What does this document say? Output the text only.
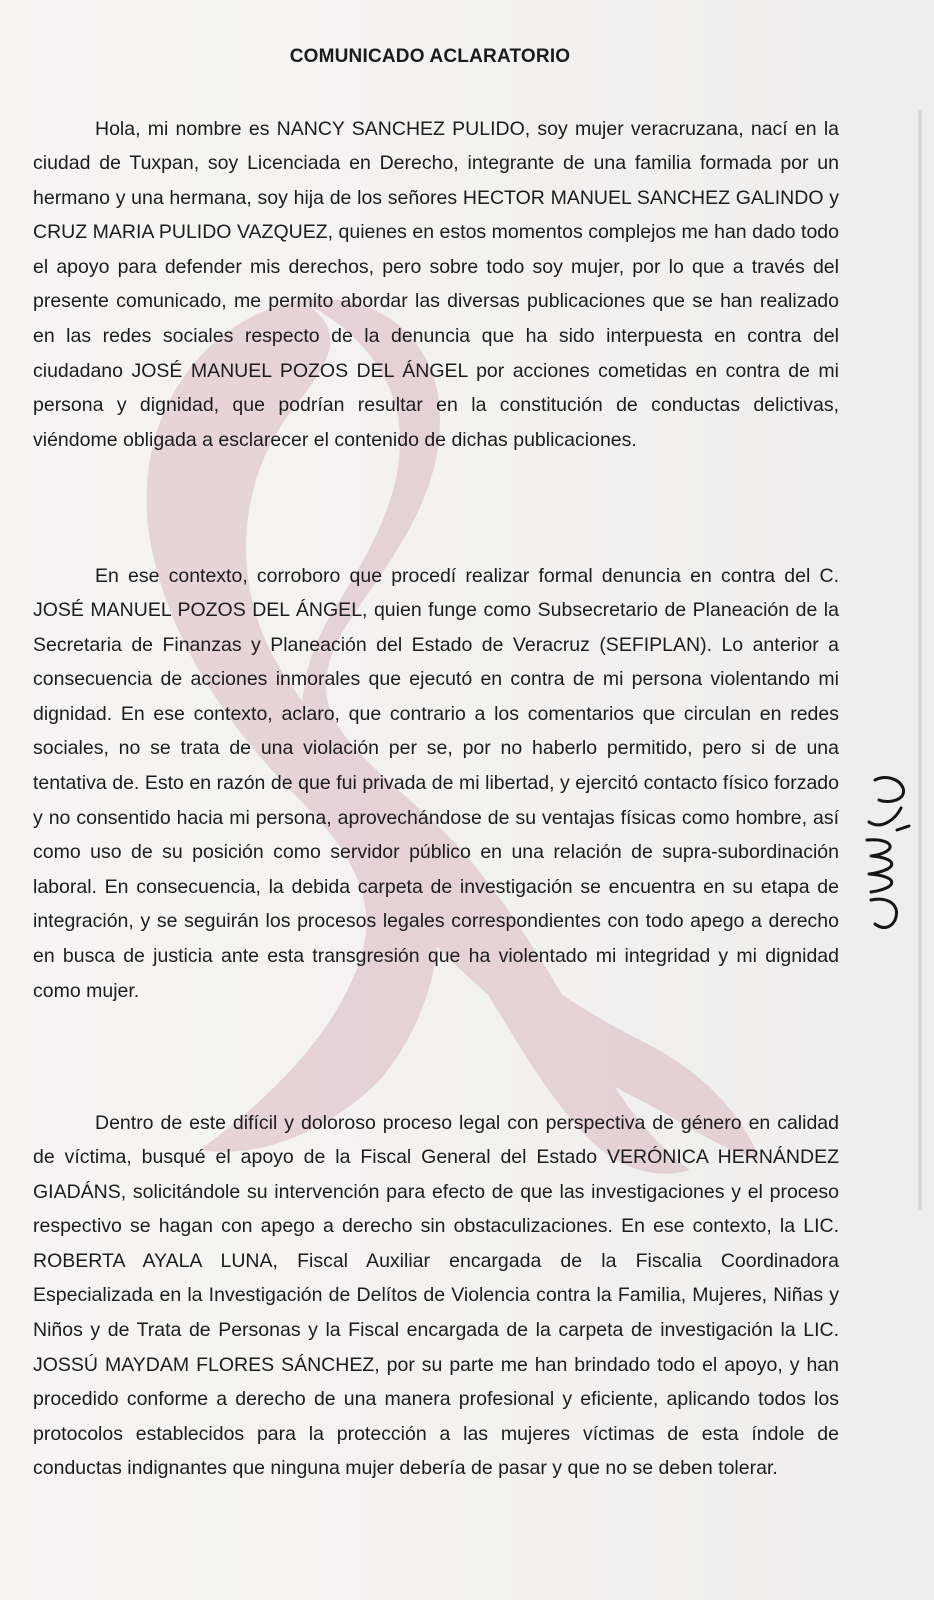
COMUNICADO ACLARATORIO

Hola, mi nombre es NANCY SANCHEZ PULIDO, soy mujer veracruzana, nací en la ciudad de Tuxpan, soy Licenciada en Derecho, integrante de una familia formada por un hermano y una hermana, soy hija de los señores HECTOR MANUEL SANCHEZ GALINDO y CRUZ MARIA PULIDO VAZQUEZ, quienes en estos momentos complejos me han dado todo el apoyo para defender mis derechos, pero sobre todo soy mujer, por lo que a través del presente comunicado, me permito abordar las diversas publicaciones que se han realizado en las redes sociales respecto de la denuncia que ha sido interpuesta en contra del ciudadano JOSÉ MANUEL POZOS DEL ÁNGEL por acciones cometidas en contra de mi persona y dignidad, que podrían resultar en la constitución de conductas delictivas, viéndome obligada a esclarecer el contenido de dichas publicaciones.

En ese contexto, corroboro que procedí realizar formal denuncia en contra del C. JOSÉ MANUEL POZOS DEL ÁNGEL, quien funge como Subsecretario de Planeación de la Secretaria de Finanzas y Planeación del Estado de Veracruz (SEFIPLAN). Lo anterior a consecuencia de acciones inmorales que ejecutó en contra de mi persona violentando mi dignidad. En ese contexto, aclaro, que contrario a los comentarios que circulan en redes sociales, no se trata de una violación per se, por no haberlo permitido, pero si de una tentativa de. Esto en razón de que fui privada de mi libertad, y ejercitó contacto físico forzado y no consentido hacia mi persona, aprovechándose de su ventajas físicas como hombre, así como uso de su posición como servidor público en una relación de supra-subordinación laboral. En consecuencia, la debida carpeta de investigación se encuentra en su etapa de integración, y se seguirán los procesos legales correspondientes con todo apego a derecho en busca de justicia ante esta transgresión que ha violentado mi integridad y mi dignidad como mujer.

Dentro de este difícil y doloroso proceso legal con perspectiva de género en calidad de víctima, busqué el apoyo de la Fiscal General del Estado VERÓNICA HERNÁNDEZ GIADÁNS, solicitándole su intervención para efecto de que las investigaciones y el proceso respectivo se hagan con apego a derecho sin obstaculizaciones. En ese contexto, la LIC. ROBERTA AYALA LUNA, Fiscal Auxiliar encargada de la Fiscalia Coordinadora Especializada en la Investigación de Delítos de Violencia contra la Familia, Mujeres, Niñas y Niños y de Trata de Personas y la Fiscal encargada de la carpeta de investigación la LIC. JOSSÚ MAYDAM FLORES SÁNCHEZ, por su parte me han brindado todo el apoyo, y han procedido conforme a derecho de una manera profesional y eficiente, aplicando todos los protocolos establecidos para la protección a las mujeres víctimas de esta índole de conductas indignantes que ninguna mujer debería de pasar y que no se deben tolerar.
